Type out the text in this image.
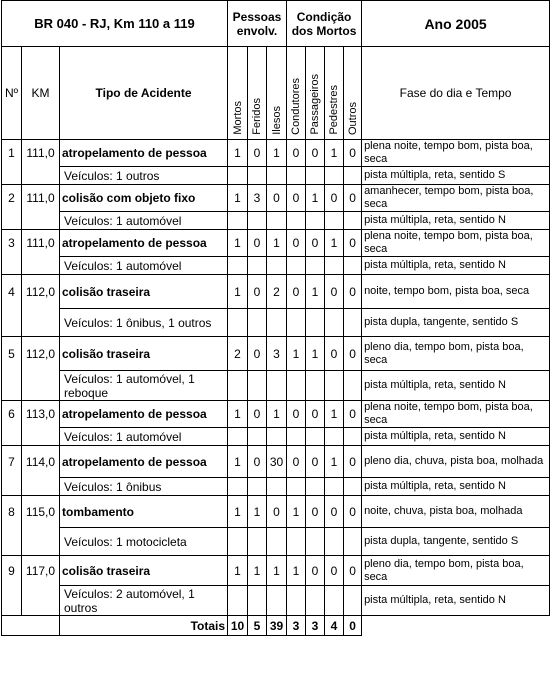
BR 040 - RJ, Km 110 a 119			Pessoas envolv.			Condição dos Mortos				Ano 2005
Nº	KM	Tipo de Acidente	Mortos	Feridos	Ilesos	Condutores	Passageiros	Pedestres	Outros	Fase do dia e Tempo
1	111,0	atropelamento de pessoa	1	0	1	0	0	1	0	plena noite, tempo bom, pista boa, seca
		Veículos: 1 outros								pista múltipla, reta, sentido S
2	111,0	colisão com objeto fixo	1	3	0	0	1	0	0	amanhecer, tempo bom, pista boa, seca
		Veículos: 1 automóvel								pista múltipla, reta, sentido N
3	111,0	atropelamento de pessoa	1	0	1	0	0	1	0	plena noite, tempo bom, pista boa, seca
		Veículos: 1 automóvel								pista múltipla, reta, sentido N
4	112,0	colisão traseira	1	0	2	0	1	0	0	noite, tempo bom, pista boa, seca
		Veículos: 1 ônibus, 1 outros								pista dupla, tangente, sentido S
5	112,0	colisão traseira	2	0	3	1	1	0	0	pleno dia, tempo bom, pista boa, seca
		Veículos: 1 automóvel, 1 reboque								pista múltipla, reta, sentido N
6	113,0	atropelamento de pessoa	1	0	1	0	0	1	0	plena noite, tempo bom, pista boa, seca
		Veículos: 1 automóvel								pista múltipla, reta, sentido N
7	114,0	atropelamento de pessoa	1	0	30	0	0	1	0	pleno dia, chuva, pista boa, molhada
		Veículos: 1 ônibus								pista múltipla, reta, sentido N
8	115,0	tombamento	1	1	0	1	0	0	0	noite, chuva, pista boa, molhada
		Veículos: 1 motocicleta								pista dupla, tangente, sentido S
9	117,0	colisão traseira	1	1	1	1	0	0	0	pleno dia, tempo bom, pista boa, seca
		Veículos: 2 automóvel, 1 outros								pista múltipla, reta, sentido N
		Totais	10	5	39	3	3	4	0	
